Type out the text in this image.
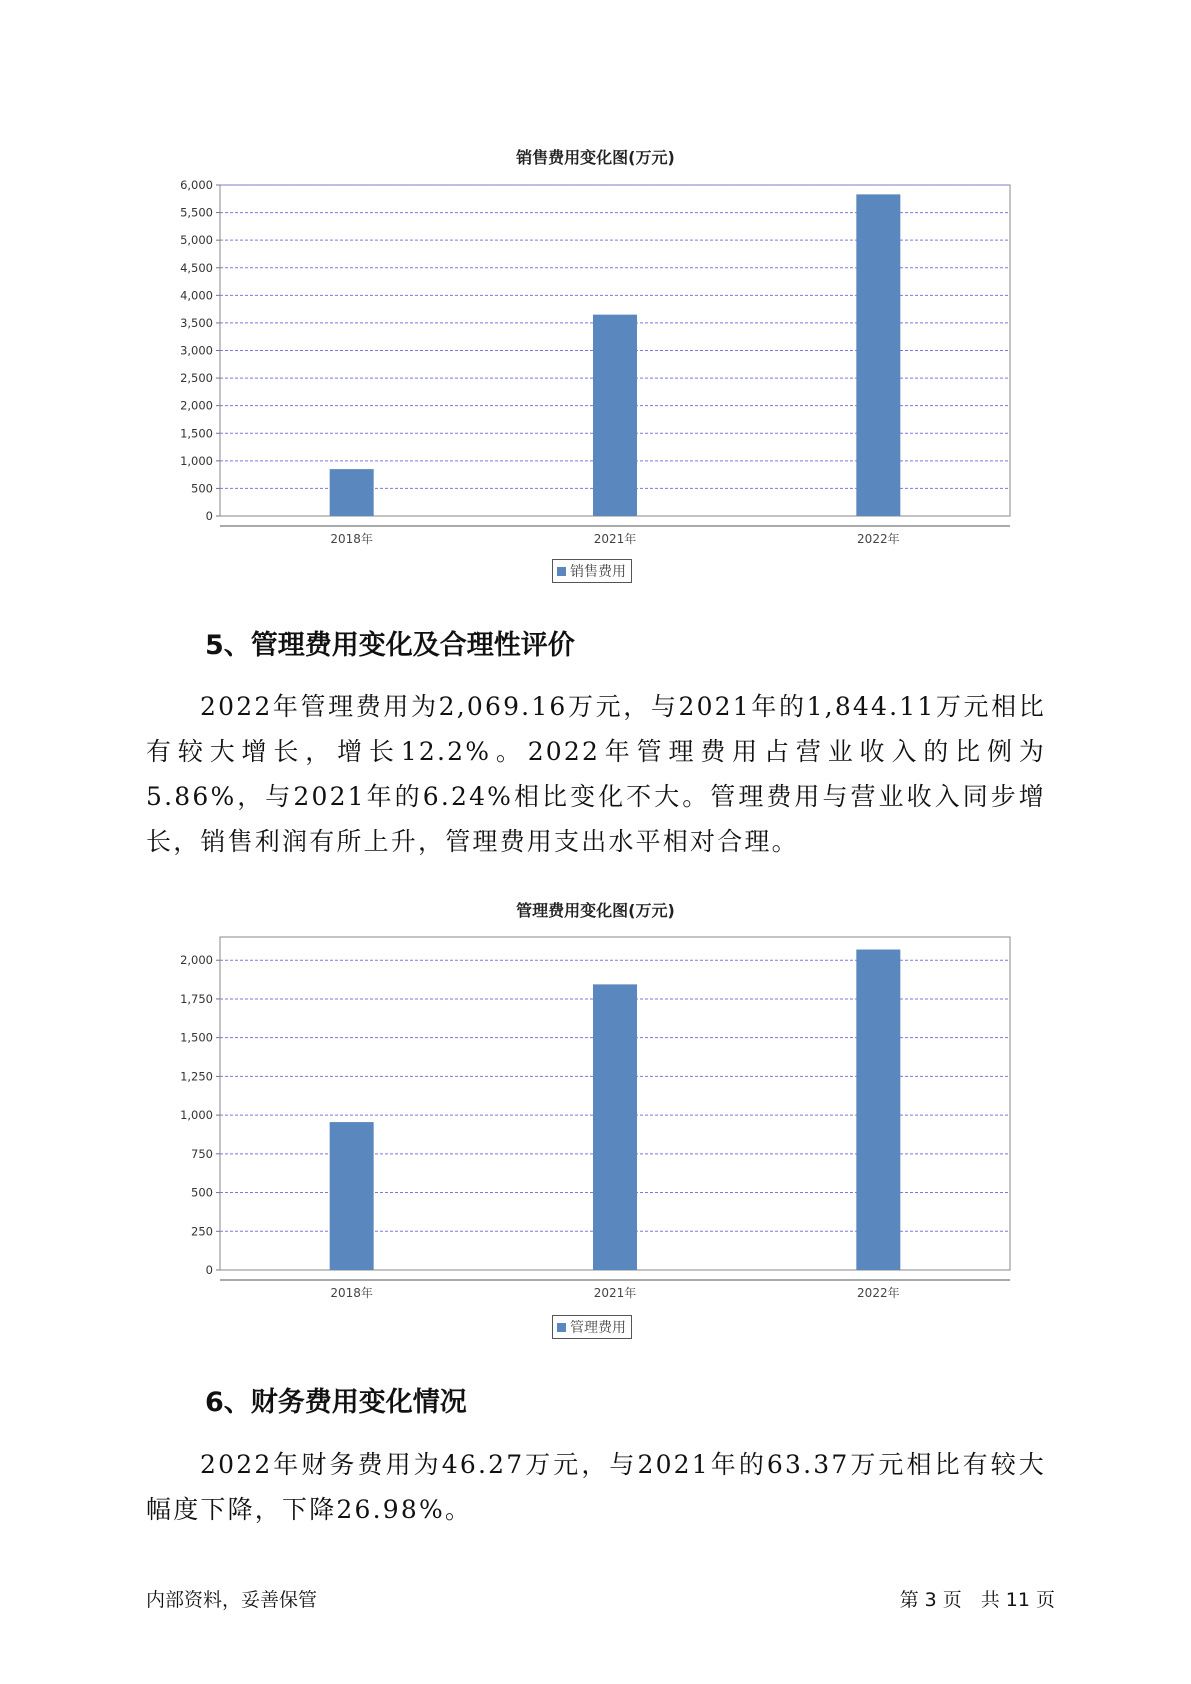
销售费用变化图(万元)
0
500
1,000
1,500
2,000
2,500
3,000
3,500
4,000
4,500
5,000
5,500
6,000
2018年	2021年	2022年
销售费用
5、管理费用变化及合理性评价

2022年管理费用为2,069.16万元，与2021年的1,844.11万元相比有较大增长，增长12.2%。2022年管理费用占营业收入的比例为5.86%，与2021年的6.24%相比变化不大。管理费用与营业收入同步增长，销售利润有所上升，管理费用支出水平相对合理。

管理费用变化图(万元)
0
250
500
750
1,000
1,250
1,500
1,750
2,000
2018年	2021年	2022年
管理费用
6、财务费用变化情况

2022年财务费用为46.27万元，与2021年的63.37万元相比有较大幅度下降，下降26.98%。

内部资料，妥善保管	第 3 页　共 11 页
